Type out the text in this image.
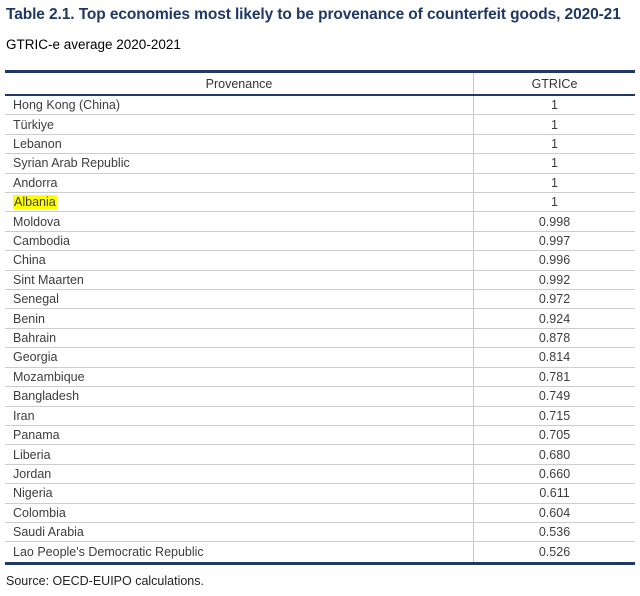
Table 2.1. Top economies most likely to be provenance of counterfeit goods, 2020-21
GTRIC-e average 2020-2021
Provenance	GTRICe
Hong Kong (China)	1
Türkiye	1
Lebanon	1
Syrian Arab Republic	1
Andorra	1
Albania	1
Moldova	0.998
Cambodia	0.997
China	0.996
Sint Maarten	0.992
Senegal	0.972
Benin	0.924
Bahrain	0.878
Georgia	0.814
Mozambique	0.781
Bangladesh	0.749
Iran	0.715
Panama	0.705
Liberia	0.680
Jordan	0.660
Nigeria	0.611
Colombia	0.604
Saudi Arabia	0.536
Lao People's Democratic Republic	0.526
Source: OECD-EUIPO calculations.
